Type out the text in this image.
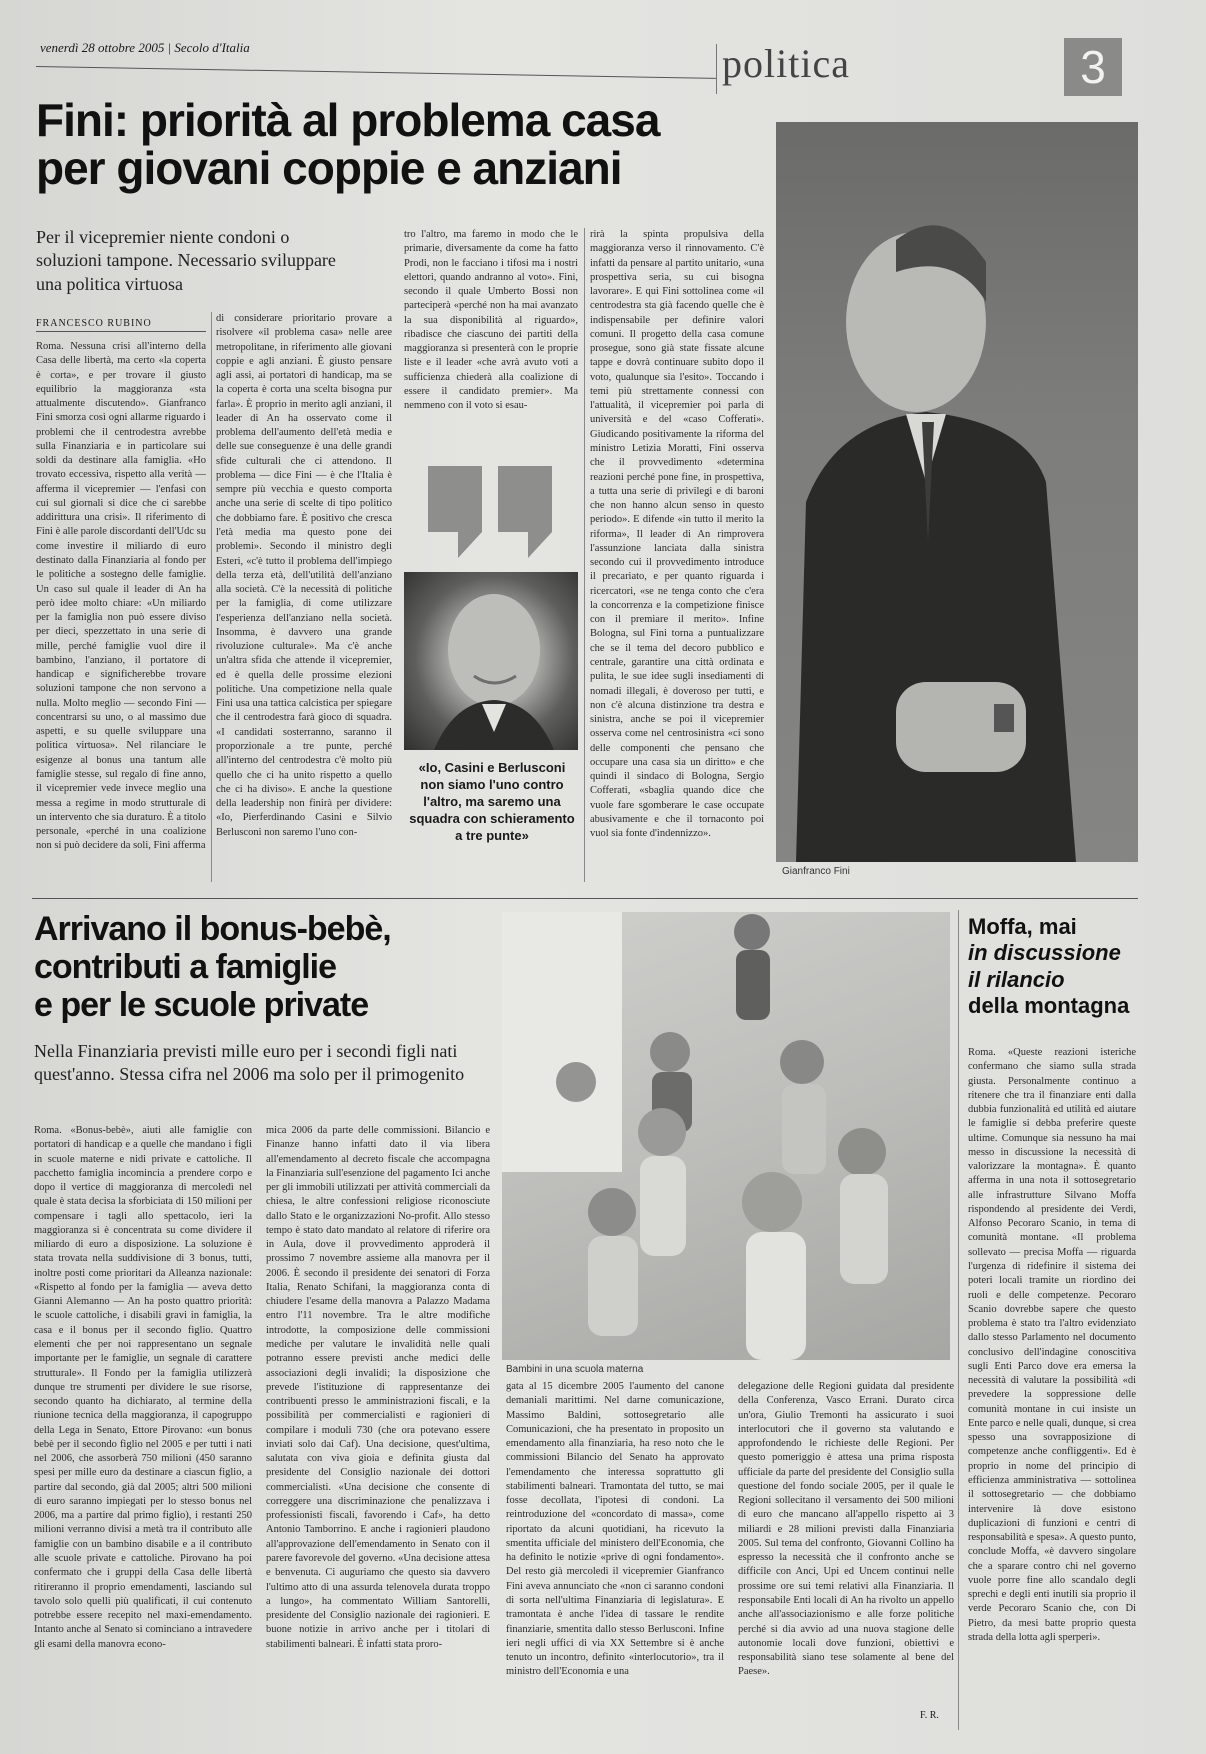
venerdì 28 ottobre 2005 | Secolo d'Italia	politica	3
Fini: priorità al problema casa
per giovani coppie e anziani
Per il vicepremier niente condoni o soluzioni tampone. Necessario sviluppare una politica virtuosa
FRANCESCO RUBINO
Roma. Nessuna crisi all'interno della Casa delle libertà, ma certo «la coperta è corta», e per trovare il giusto equilibrio la maggioranza «sta attualmente discutendo». Gianfranco Fini smorza così ogni allarme riguardo i problemi che il centrodestra avrebbe sulla Finanziaria e in particolare sui soldi da destinare alla famiglia. «Ho trovato eccessiva, rispetto alla verità — afferma il vicepremier — l'enfasi con cui sul giornali si dice che ci sarebbe addirittura una crisi». Il riferimento di Fini è alle parole discordanti dell'Udc su come investire il miliardo di euro destinato dalla Finanziaria al fondo per le politiche a sostegno delle famiglie. Un caso sul quale il leader di An ha però idee molto chiare: «Un miliardo per la famiglia non può essere diviso per dieci, spezzettato in una serie di mille, perché famiglie vuol dire il bambino, l'anziano, il portatore di handicap e significherebbe trovare soluzioni tampone che non servono a nulla. Molto meglio — secondo Fini — concentrarsi su uno, o al massimo due aspetti, e su quelle sviluppare una politica virtuosa». Nel rilanciare le esigenze al bonus una tantum alle famiglie stesse, sul regalo di fine anno, il vicepremier vede invece meglio una messa a regime in modo strutturale di un intervento che sia duraturo. È a titolo personale, «perché in una coalizione non si può decidere da soli, Fini afferma
di considerare prioritario provare a risolvere «il problema casa» nelle aree metropolitane, in riferimento alle giovani coppie e agli anziani. È giusto pensare agli assi, ai portatori di handicap, ma se la coperta è corta una scelta bisogna pur farla». È proprio in merito agli anziani, il leader di An ha osservato come il problema dell'aumento dell'età media e delle sue conseguenze è una delle grandi sfide culturali che ci attendono. Il problema — dice Fini — è che l'Italia è sempre più vecchia e questo comporta anche una serie di scelte di tipo politico che dobbiamo fare. È positivo che cresca l'età media ma questo pone dei problemi». Secondo il ministro degli Esteri, «c'è tutto il problema dell'impiego della terza età, dell'utilità dell'anziano alla società. C'è la necessità di politiche per la famiglia, di come utilizzare l'esperienza dell'anziano nella società. Insomma, è davvero una grande rivoluzione culturale». Ma c'è anche un'altra sfida che attende il vicepremier, ed è quella delle prossime elezioni politiche. Una competizione nella quale Fini usa una tattica calcistica per spiegare che il centrodestra farà gioco di squadra. «I candidati sosterranno, saranno il proporzionale a tre punte, perché all'interno del centrodestra c'è molto più quello che ci ha unito rispetto a quello che ci ha diviso». E anche la questione della leadership non finirà per dividere: «Io, Pierferdinando Casini e Silvio Berlusconi non saremo l'uno con-
tro l'altro, ma faremo in modo che le primarie, diversamente da come ha fatto Prodi, non le facciano i tifosi ma i nostri elettori, quando andranno al voto». Fini, secondo il quale Umberto Bossi non parteciperà «perché non ha mai avanzato la sua disponibilità al riguardo», ribadisce che ciascuno dei partiti della maggioranza si presenterà con le proprie liste e il leader «che avrà avuto voti a sufficienza chiederà alla coalizione di essere il candidato premier». Ma nemmeno con il voto si esau-
rirà la spinta propulsiva della maggioranza verso il rinnovamento. C'è infatti da pensare al partito unitario, «una prospettiva seria, su cui bisogna lavorare». E qui Fini sottolinea come «il centrodestra sta già facendo quelle che è indispensabile per definire valori comuni. Il progetto della casa comune prosegue, sono già state fissate alcune tappe e dovrà continuare subito dopo il voto, qualunque sia l'esito». Toccando i temi più strettamente connessi con l'attualità, il vicepremier poi parla di università e del «caso Cofferati». Giudicando positivamente la riforma del ministro Letizia Moratti, Fini osserva che il provvedimento «determina reazioni perché pone fine, in prospettiva, a tutta una serie di privilegi e di baroni che non hanno alcun senso in questo periodo». E difende «in tutto il merito la riforma», Il leader di An rimprovera l'assunzione lanciata dalla sinistra secondo cui il provvedimento introduce il precariato, e per quanto riguarda i ricercatori, «se ne tenga conto che c'era la concorrenza e la competizione finisce con il premiare il merito». Infine Bologna, sul Fini torna a puntualizzare che se il tema del decoro pubblico e centrale, garantire una città ordinata e pulita, le sue idee sugli insediamenti di nomadi illegali, è doveroso per tutti, e non c'è alcuna distinzione tra destra e sinistra, anche se poi il vicepremier osserva come nel centrosinistra «ci sono delle componenti che pensano che occupare una casa sia un diritto» e che quindi il sindaco di Bologna, Sergio Cofferati, «sbaglia quando dice che vuole fare sgomberare le case occupate abusivamente e che il tornaconto poi vuol sia fonte d'indennizzo».
«Io, Casini e Berlusconi non siamo l'uno contro l'altro, ma saremo una squadra con schieramento a tre punte»
Gianfranco Fini
Arrivano il bonus-bebè,
contributi a famiglie
e per le scuole private
Nella Finanziaria previsti mille euro per i secondi figli nati quest'anno. Stessa cifra nel 2006 ma solo per il primogenito
Bambini in una scuola materna
Roma. «Bonus-bebè», aiuti alle famiglie con portatori di handicap e a quelle che mandano i figli in scuole materne e nidi private e cattoliche. Il pacchetto famiglia incomincia a prendere corpo e dopo il vertice di maggioranza di mercoledì nel quale è stata decisa la sforbiciata di 150 milioni per compensare i tagli allo spettacolo, ieri la maggioranza si è concentrata su come dividere il miliardo di euro a disposizione. La soluzione è stata trovata nella suddivisione di 3 bonus, tutti, inoltre posti come prioritari da Alleanza nazionale: «Rispetto al fondo per la famiglia — aveva detto Gianni Alemanno — An ha posto quattro priorità: le scuole cattoliche, i disabili gravi in famiglia, la casa e il bonus per il secondo figlio. Quattro elementi che per noi rappresentano un segnale importante per le famiglie, un segnale di carattere strutturale». Il Fondo per la famiglia utilizzerà dunque tre strumenti per dividere le sue risorse, secondo quanto ha dichiarato, al termine della riunione tecnica della maggioranza, il capogruppo della Lega in Senato, Ettore Pirovano: «un bonus bebè per il secondo figlio nel 2005 e per tutti i nati nel 2006, che assorberà 750 milioni (450 saranno spesi per mille euro da destinare a ciascun figlio, a partire dal secondo, già dal 2005; altri 500 milioni di euro saranno impiegati per lo stesso bonus nel 2006, ma a partire dal primo figlio), i restanti 250 milioni verranno divisi a metà tra il contributo alle famiglie con un bambino disabile e a il contributo alle scuole private e cattoliche. Pirovano ha poi confermato che i gruppi della Casa delle libertà ritireranno il proprio emendamenti, lasciando sul tavolo solo quelli più qualificati, il cui contenuto potrebbe essere recepito nel maxi-emendamento. Intanto anche al Senato si cominciano a intravedere gli esami della manovra econo-
mica 2006 da parte delle commissioni. Bilancio e Finanze hanno infatti dato il via libera all'emendamento al decreto fiscale che accompagna la Finanziaria sull'esenzione del pagamento Ici anche per gli immobili utilizzati per attività commerciali da chiesa, le altre confessioni religiose riconosciute dallo Stato e le organizzazioni No-profit. Allo stesso tempo è stato dato mandato al relatore di riferire ora in Aula, dove il provvedimento approderà il prossimo 7 novembre assieme alla manovra per il 2006. È secondo il presidente dei senatori di Forza Italia, Renato Schifani, la maggioranza conta di chiudere l'esame della manovra a Palazzo Madama entro l'11 novembre. Tra le altre modifiche introdotte, la composizione delle commissioni mediche per valutare le invalidità nelle quali potranno essere previsti anche medici delle associazioni degli invalidi; la disposizione che prevede l'istituzione di rappresentanze dei contribuenti presso le amministrazioni fiscali, e la possibilità per commercialisti e ragionieri di compilare i moduli 730 (che ora potevano essere inviati solo dai Caf). Una decisione, quest'ultima, salutata con viva gioia e definita giusta dal presidente del Consiglio nazionale dei dottori commercialisti. «Una decisione che consente di correggere una discriminazione che penalizzava i professionisti fiscali, favorendo i Caf», ha detto Antonio Tamborrino. E anche i ragionieri plaudono all'approvazione dell'emendamento in Senato con il parere favorevole del governo. «Una decisione attesa e benvenuta. Ci auguriamo che questo sia davvero l'ultimo atto di una assurda telenovela durata troppo a lungo», ha commentato William Santorelli, presidente del Consiglio nazionale dei ragionieri. E buone notizie in arrivo anche per i titolari di stabilimenti balneari. È infatti stata proro-
gata al 15 dicembre 2005 l'aumento del canone demaniali marittimi. Nel darne comunicazione, Massimo Baldini, sottosegretario alle Comunicazioni, che ha presentato in proposito un emendamento alla finanziaria, ha reso noto che le commissioni Bilancio del Senato ha approvato l'emendamento che interessa soprattutto gli stabilimenti balneari. Tramontata del tutto, se mai fosse decollata, l'ipotesi di condoni. La reintroduzione del «concordato di massa», come riportato da alcuni quotidiani, ha ricevuto la smentita ufficiale del ministero dell'Economia, che ha definito le notizie «prive di ogni fondamento». Del resto già mercoledì il vicepremier Gianfranco Fini aveva annunciato che «non ci saranno condoni di sorta nell'ultima Finanziaria di legislatura». E tramontata è anche l'idea di tassare le rendite finanziarie, smentita dallo stesso Berlusconi. Infine ieri negli uffici di via XX Settembre si è anche tenuto un incontro, definito «interlocutorio», tra il ministro dell'Economia e una
delegazione delle Regioni guidata dal presidente della Conferenza, Vasco Errani. Durato circa un'ora, Giulio Tremonti ha assicurato i suoi interlocutori che il governo sta valutando e approfondendo le richieste delle Regioni. Per questo pomeriggio è attesa una prima risposta ufficiale da parte del presidente del Consiglio sulla questione del fondo sociale 2005, per il quale le Regioni sollecitano il versamento dei 500 milioni di euro che mancano all'appello rispetto ai 3 miliardi e 28 milioni previsti dalla Finanziaria 2005. Sul tema del confronto, Giovanni Collino ha espresso la necessità che il confronto anche se difficile con Anci, Upi ed Uncem continui nelle prossime ore sui temi relativi alla Finanziaria. Il responsabile Enti locali di An ha rivolto un appello anche all'associazionismo e alle forze politiche perché si dia avvio ad una nuova stagione delle autonomie locali dove funzioni, obiettivi e responsabilità siano tese solamente al bene del Paese».
F. R.
Moffa, mai
in discussione
il rilancio
della montagna
Roma. «Queste reazioni isteriche confermano che siamo sulla strada giusta. Personalmente continuo a ritenere che tra il finanziare enti dalla dubbia funzionalità ed utilità ed aiutare le famiglie si debba preferire queste ultime. Comunque sia nessuno ha mai messo in discussione la necessità di valorizzare la montagna». È quanto afferma in una nota il sottosegretario alle infrastrutture Silvano Moffa rispondendo al presidente dei Verdi, Alfonso Pecoraro Scanio, in tema di comunità montane. «Il problema sollevato — precisa Moffa — riguarda l'urgenza di ridefinire il sistema dei poteri locali tramite un riordino dei ruoli e delle competenze. Pecoraro Scanio dovrebbe sapere che questo problema è stato tra l'altro evidenziato dallo stesso Parlamento nel documento conclusivo dell'indagine conoscitiva sugli Enti Parco dove era emersa la necessità di valutare la possibilità «di prevedere la soppressione delle comunità montane in cui insiste un Ente parco e nelle quali, dunque, si crea spesso una sovrapposizione di competenze anche confliggenti». Ed è proprio in nome del principio di efficienza amministrativa — sottolinea il sottosegretario — che dobbiamo intervenire là dove esistono duplicazioni di funzioni e centri di responsabilità e spesa». A questo punto, conclude Moffa, «è davvero singolare che a sparare contro chi nel governo vuole porre fine allo scandalo degli sprechi e degli enti inutili sia proprio il verde Pecoraro Scanio che, con Di Pietro, da mesi batte proprio questa strada della lotta agli sperperi».
